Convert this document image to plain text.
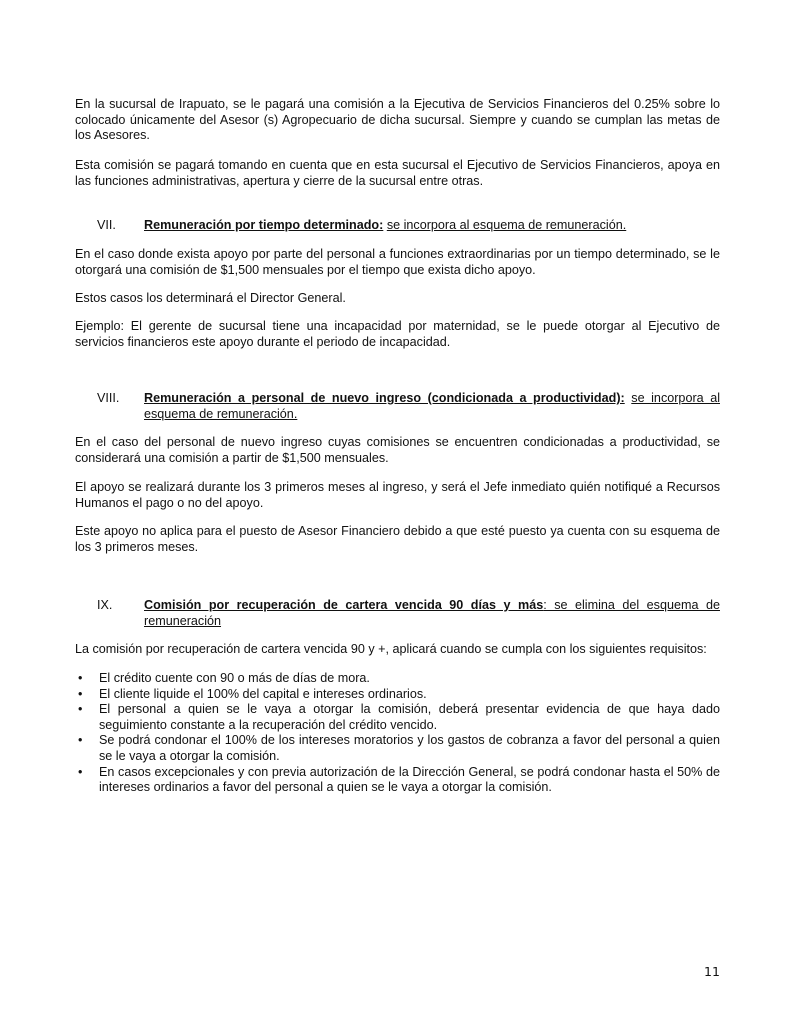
En la sucursal de Irapuato, se le pagará una comisión a la Ejecutiva de Servicios Financieros del 0.25% sobre lo colocado únicamente del Asesor (s) Agropecuario de dicha sucursal. Siempre y cuando se cumplan las metas de los Asesores.

Esta comisión se pagará tomando en cuenta que en esta sucursal el Ejecutivo de Servicios Financieros, apoya en las funciones administrativas, apertura y cierre de la sucursal entre otras.

VII. Remuneración por tiempo determinado: se incorpora al esquema de remuneración.

En el caso donde exista apoyo por parte del personal a funciones extraordinarias por un tiempo determinado, se le otorgará una comisión de $1,500 mensuales por el tiempo que exista dicho apoyo.

Estos casos los determinará el Director General.

Ejemplo: El gerente de sucursal tiene una incapacidad por maternidad, se le puede otorgar al Ejecutivo de servicios financieros este apoyo durante el periodo de incapacidad.

VIII. Remuneración a personal de nuevo ingreso (condicionada a productividad): se incorpora al esquema de remuneración.

En el caso del personal de nuevo ingreso cuyas comisiones se encuentren condicionadas a productividad, se considerará una comisión a partir de $1,500 mensuales.

El apoyo se realizará durante los 3 primeros meses al ingreso, y será el Jefe inmediato quién notifiqué a Recursos Humanos el pago o no del apoyo.

Este apoyo no aplica para el puesto de Asesor Financiero debido a que esté puesto ya cuenta con su esquema de los 3 primeros meses.

IX.	Comisión por recuperación de cartera vencida 90 días y más: se elimina del esquema de remuneración

La comisión por recuperación de cartera vencida 90 y +, aplicará cuando se cumpla con los siguientes requisitos:

• El crédito cuente con 90 o más de días de mora.
• El cliente liquide el 100% del capital e intereses ordinarios.
• El personal a quien se le vaya a otorgar la comisión, deberá presentar evidencia de que haya dado seguimiento constante a la recuperación del crédito vencido.
• Se podrá condonar el 100% de los intereses moratorios y los gastos de cobranza a favor del personal a quien se le vaya a otorgar la comisión.
• En casos excepcionales y con previa autorización de la Dirección General, se podrá condonar hasta el 50% de intereses ordinarios a favor del personal a quien se le vaya a otorgar la comisión.
11
